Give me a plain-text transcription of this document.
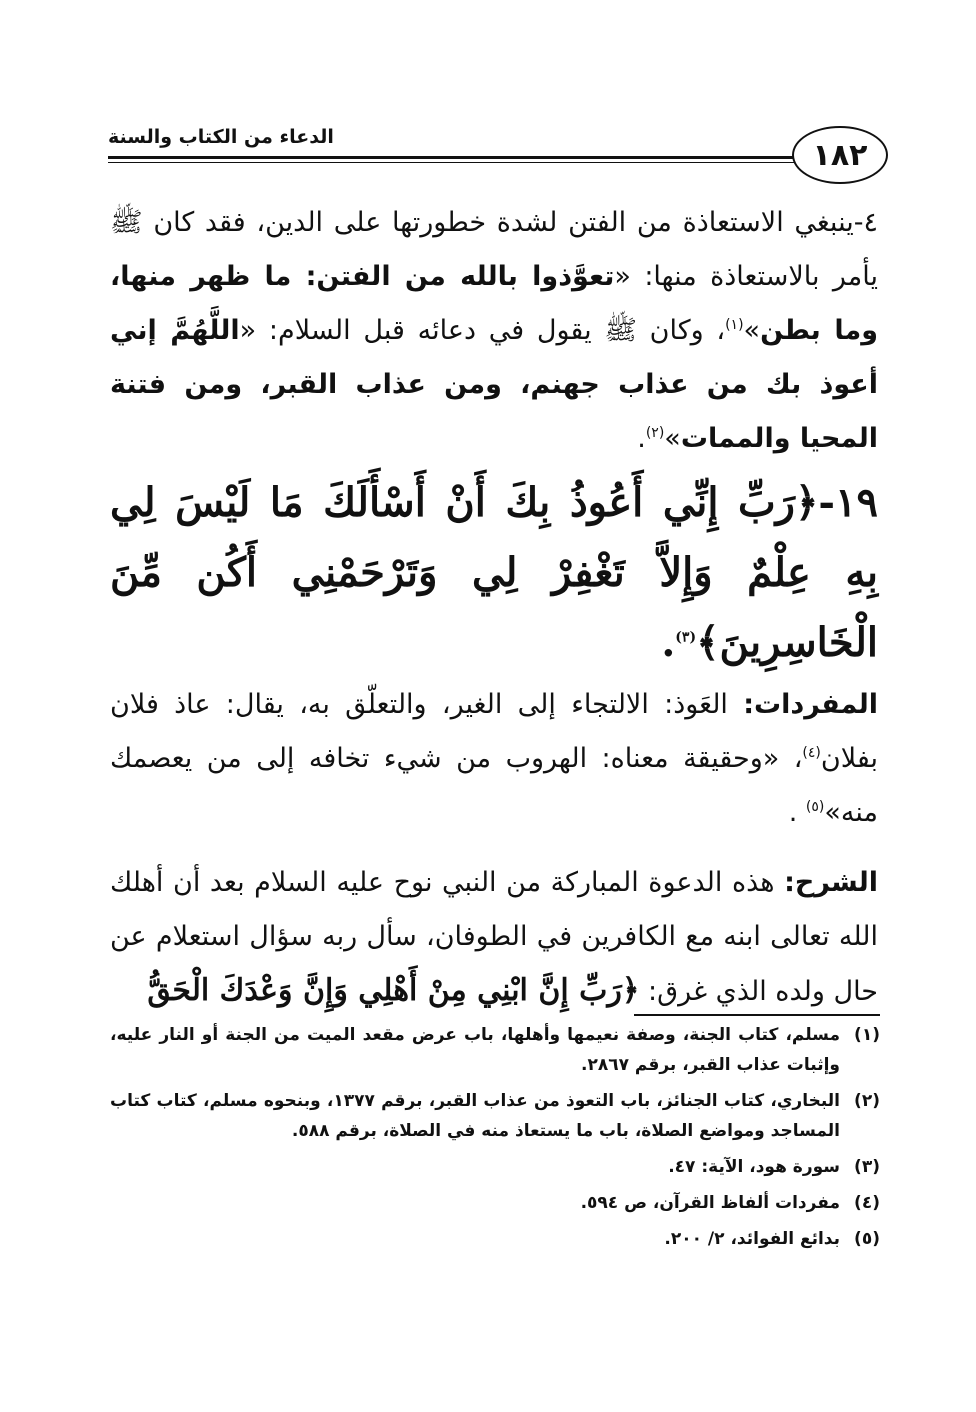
١٨٢
الدعاء من الكتاب والسنة

٤-ينبغي الاستعاذة من الفتن لشدة خطورتها على الدين، فقد كان ﷺ يأمر بالاستعاذة منها: «تعوَّذوا بالله من الفتن: ما ظهر منها، وما بطن»$^{(١)}$، وكان ﷺ يقول في دعائه قبل السلام: «اللَّهُمَّ إني أعوذ بك من عذاب جهنم، ومن عذاب القبر، ومن فتنة المحيا والممات»$^{(٢)}$.

١٩-﴿رَبِّ إِنِّي أَعُوذُ بِكَ أَنْ أَسْأَلَكَ مَا لَيْسَ لِي بِهِ عِلْمٌ وَإِلاَّ تَغْفِرْ لِي وَتَرْحَمْنِي أَكُن مِّنَ الْخَاسِرِينَ﴾$^{(٣)}$.

المفردات: العَوذ: الالتجاء إلى الغير، والتعلّق به، يقال: عاذ فلان بفلان$^{(٤)}$، «وحقيقة معناه: الهروب من شيء تخافه إلى من يعصمك منه»$^{(٥)}$ .

الشرح: هذه الدعوة المباركة من النبي نوح عليه السلام بعد أن أهلك الله تعالى ابنه مع الكافرين في الطوفان، سأل ربه سؤال استعلام عن حال ولده الذي غرق: ﴿رَبِّ إِنَّ ابْنِي مِنْ أَهْلِي وَإِنَّ وَعْدَكَ الْحَقُّ

(١)
مسلم، كتاب الجنة، وصفة نعيمها وأهلها، باب عرض مقعد الميت من الجنة أو النار عليه، وإثبات عذاب القبر، برقم ٢٨٦٧.
(٢)
البخاري، كتاب الجنائز، باب التعوذ من عذاب القبر، برقم ١٣٧٧، وبنحوه مسلم، كتاب كتاب المساجد ومواضع الصلاة، باب ما يستعاذ منه في الصلاة، برقم ٥٨٨.
(٣)
سورة هود، الآية: ٤٧.
(٤)
مفردات ألفاظ القرآن، ص ٥٩٤.
(٥)
بدائع الفوائد، ٢/ ٢٠٠.
